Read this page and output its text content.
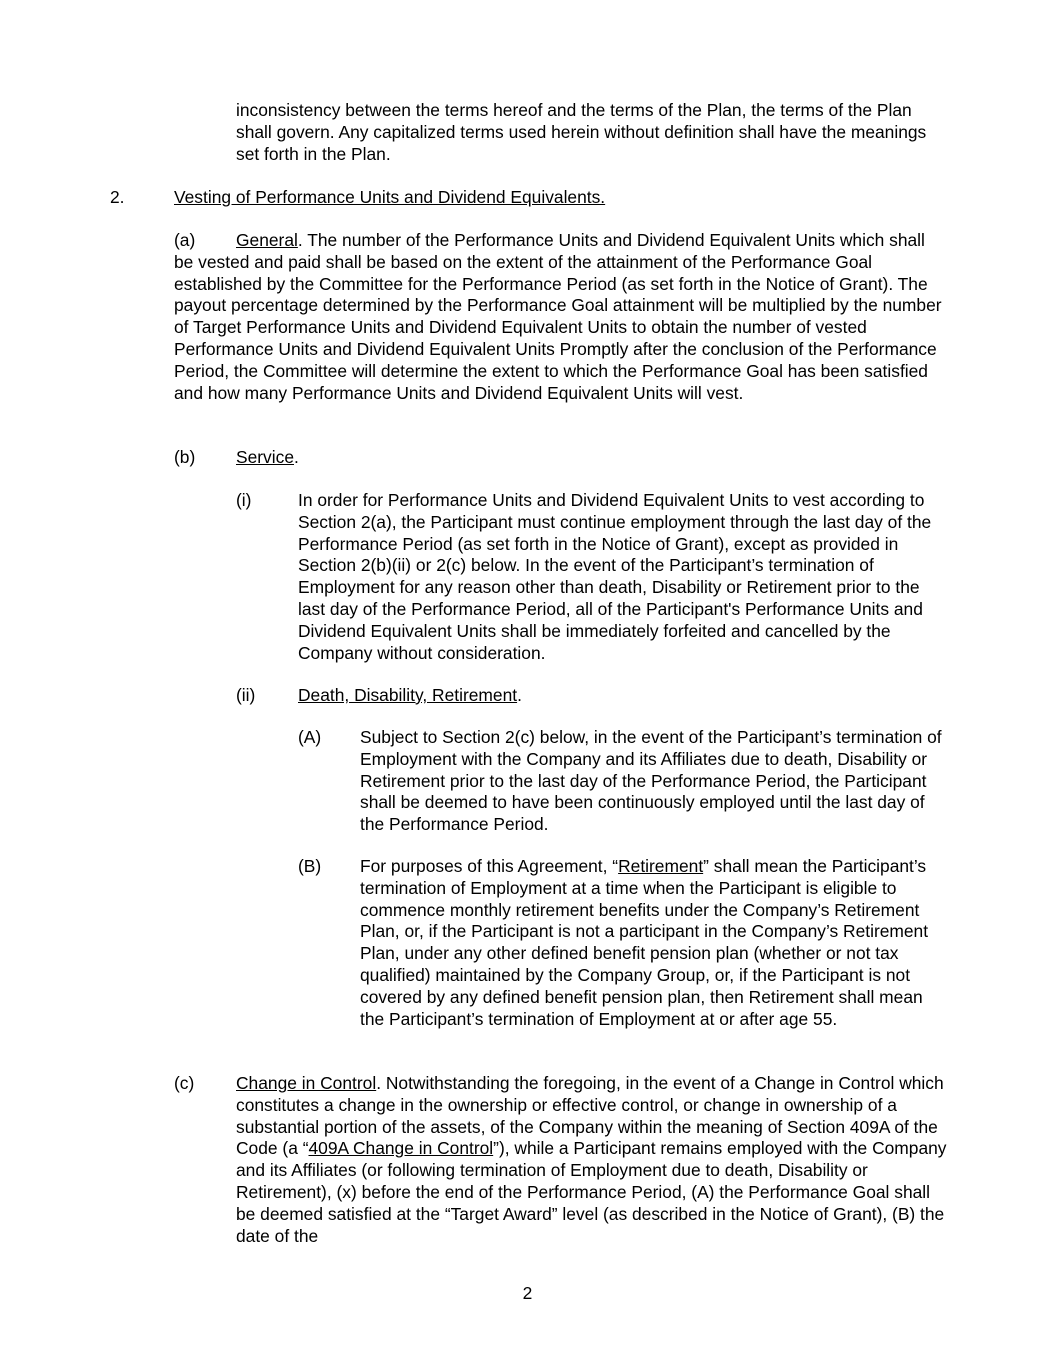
inconsistency between the terms hereof and the terms of the Plan, the terms of the Plan shall govern. Any capitalized terms used herein without definition shall have the meanings set forth in the Plan.

2.	Vesting of Performance Units and Dividend Equivalents.
(a) General. The number of the Performance Units and Dividend Equivalent Units which shall be vested and paid shall be based on the extent of the attainment of the Performance Goal established by the Committee for the Performance Period (as set forth in the Notice of Grant). The payout percentage determined by the Performance Goal attainment will be multiplied by the number of Target Performance Units and Dividend Equivalent Units to obtain the number of vested Performance Units and Dividend Equivalent Units Promptly after the conclusion of the Performance Period, the Committee will determine the extent to which the Performance Goal has been satisfied and how many Performance Units and Dividend Equivalent Units will vest.
(b) Service.
(i)	In order for Performance Units and Dividend Equivalent Units to vest according to Section 2(a), the Participant must continue employment through the last day of the Performance Period (as set forth in the Notice of Grant), except as provided in Section 2(b)(ii) or 2(c) below. In the event of the Participant’s termination of Employment for any reason other than death, Disability or Retirement prior to the last day of the Performance Period, all of the Participant's Performance Units and Dividend Equivalent Units shall be immediately forfeited and cancelled by the Company without consideration.

(ii) Death, Disability, Retirement.
(A) Subject to Section 2(c) below, in the event of the Participant’s termination of Employment with the Company and its Affiliates due to death, Disability or Retirement prior to the last day of the Performance Period, the Participant shall be deemed to have been continuously employed until the last day of the Performance Period.

(B) For purposes of this Agreement, “Retirement” shall mean the Participant’s termination of Employment at a time when the Participant is eligible to commence monthly retirement benefits under the Company’s Retirement Plan, or, if the Participant is not a participant in the Company’s Retirement Plan, under any other defined benefit pension plan (whether or not tax qualified) maintained by the Company Group, or, if the Participant is not covered by any defined benefit pension plan, then Retirement shall mean the Participant’s termination of Employment at or after age 55.

(c) Change in Control. Notwithstanding the foregoing, in the event of a Change in Control which constitutes a change in the ownership or effective control, or change in ownership of a substantial portion of the assets, of the Company within the meaning of Section 409A of the Code (a “409A Change in Control”), while a Participant remains employed with the Company and its Affiliates (or following termination of Employment due to death, Disability or Retirement), (x) before the end of the Performance Period, (A) the Performance Goal shall be deemed satisfied at the “Target Award” level (as described in the Notice of Grant), (B) the date of the

2
